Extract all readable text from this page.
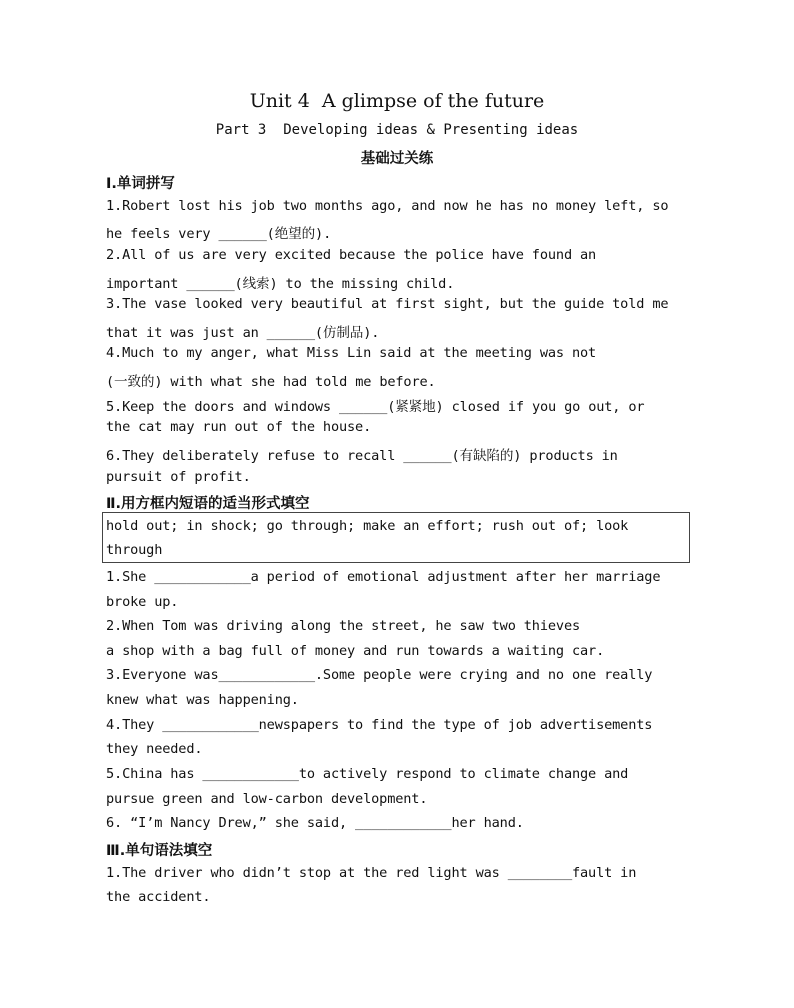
Unit 4  A glimpse of the future
Part 3  Developing ideas & Presenting ideas
基础过关练
Ⅰ.单词拼写
1.Robert lost his job two months ago, and now he has no money left, so
he feels very ______(绝望的).
2.All of us are very excited because the police have found an
important ______(线索) to the missing child.
3.The vase looked very beautiful at first sight, but the guide told me
that it was just an ______(仿制品).
4.Much to my anger, what Miss Lin said at the meeting was not
(一致的) with what she had told me before.
5.Keep the doors and windows ______(紧紧地) closed if you go out, or
the cat may run out of the house.
6.They deliberately refuse to recall ______(有缺陷的) products in
pursuit of profit.
Ⅱ.用方框内短语的适当形式填空
hold out; in shock; go through; make an effort; rush out of; look
through
1.She ____________a period of emotional adjustment after her marriage
broke up.
2.When Tom was driving along the street, he saw two thieves
a shop with a bag full of money and run towards a waiting car.
3.Everyone was____________.Some people were crying and no one really
knew what was happening.
4.They ____________newspapers to find the type of job advertisements
they needed.
5.China has ____________to actively respond to climate change and
pursue green and low-carbon development.
6. “I’m Nancy Drew,” she said, ____________her hand.
Ⅲ.单句语法填空
1.The driver who didn’t stop at the red light was ________fault in
the accident.
